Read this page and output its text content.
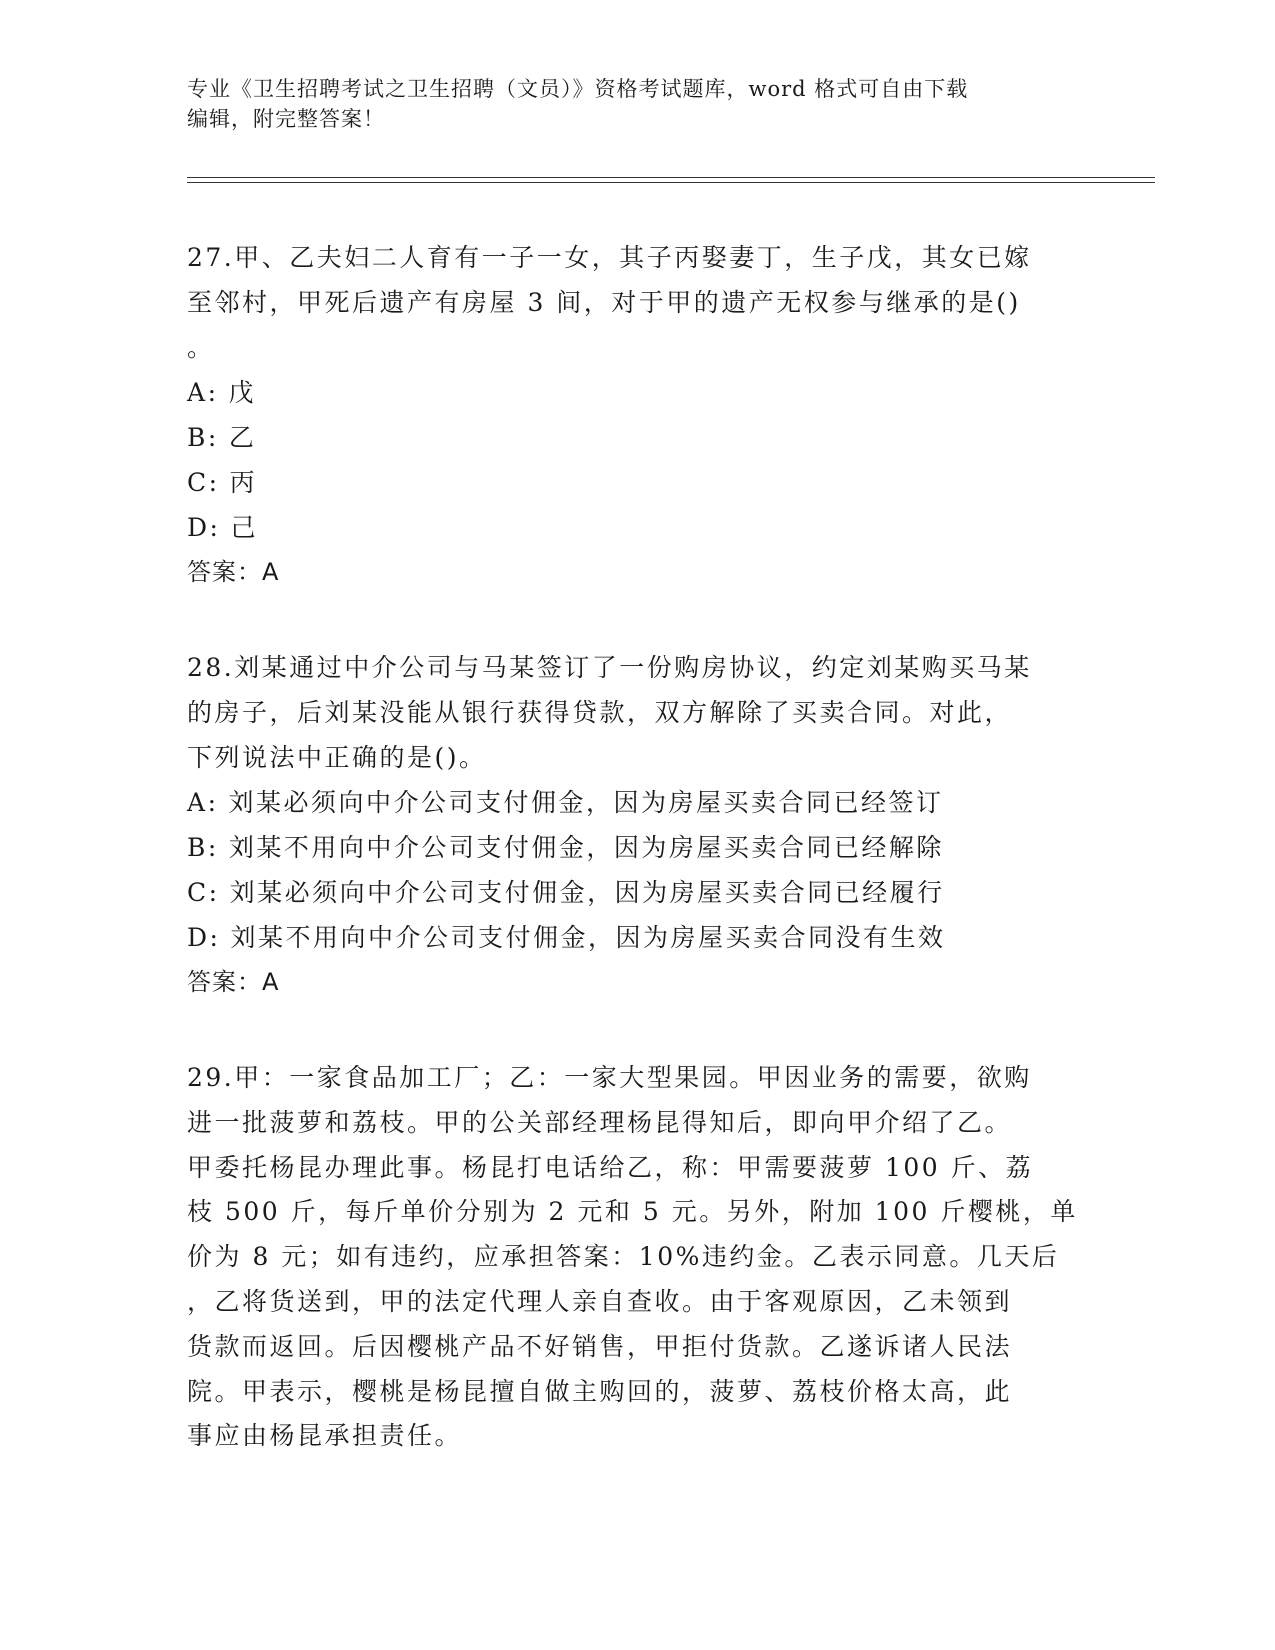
专业《卫生招聘考试之卫生招聘（文员）》资格考试题库，word 格式可自由下载
编辑，附完整答案！
27.甲、乙夫妇二人育有一子一女，其子丙娶妻丁，生子戊，其女已嫁
至邻村，甲死后遗产有房屋 3 间，对于甲的遗产无权参与继承的是()
。
A: 戊
B: 乙
C: 丙
D: 己
答案：A
28.刘某通过中介公司与马某签订了一份购房协议，约定刘某购买马某
的房子，后刘某没能从银行获得贷款，双方解除了买卖合同。对此，
下列说法中正确的是()。
A: 刘某必须向中介公司支付佣金，因为房屋买卖合同已经签订
B: 刘某不用向中介公司支付佣金，因为房屋买卖合同已经解除
C: 刘某必须向中介公司支付佣金，因为房屋买卖合同已经履行
D: 刘某不用向中介公司支付佣金，因为房屋买卖合同没有生效
答案：A
29.甲：一家食品加工厂；乙：一家大型果园。甲因业务的需要，欲购
进一批菠萝和荔枝。甲的公关部经理杨昆得知后，即向甲介绍了乙。
甲委托杨昆办理此事。杨昆打电话给乙，称：甲需要菠萝 100 斤、荔
枝 500 斤，每斤单价分别为 2 元和 5 元。另外，附加 100 斤樱桃，单
价为 8 元；如有违约，应承担答案：10%违约金。乙表示同意。几天后
，乙将货送到，甲的法定代理人亲自查收。由于客观原因，乙未领到
货款而返回。后因樱桃产品不好销售，甲拒付货款。乙遂诉诸人民法
院。甲表示，樱桃是杨昆擅自做主购回的，菠萝、荔枝价格太高，此
事应由杨昆承担责任。
